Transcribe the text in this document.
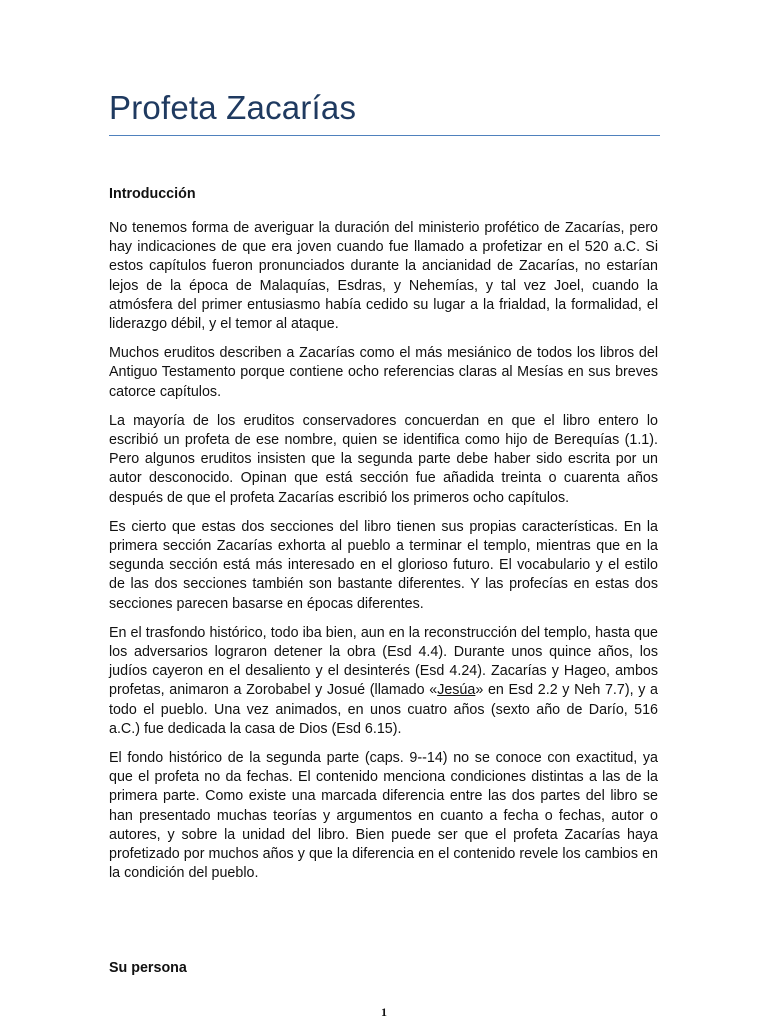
Profeta Zacarías
Introducción

No tenemos forma de averiguar la duración del ministerio profético de Zacarías, pero hay indicaciones de que era joven cuando fue llamado a profetizar en el 520 a.C. Si estos capítulos fueron pronunciados durante la ancianidad de Zacarías, no estarían lejos de la época de Malaquías, Esdras, y Nehemías, y tal vez Joel, cuando la atmósfera del primer entusiasmo había cedido su lugar a la frialdad, la formalidad, el liderazgo débil, y el temor al ataque.

Muchos eruditos describen a Zacarías como el más mesiánico de todos los libros del Antiguo Testamento porque contiene ocho referencias claras al Mesías en sus breves catorce capítulos.

La mayoría de los eruditos conservadores concuerdan en que el libro entero lo escribió un profeta de ese nombre, quien se identifica como hijo de Berequías (1.1). Pero algunos eruditos insisten que la segunda parte debe haber sido escrita por un autor desconocido. Opinan que está sección fue añadida treinta o cuarenta años después de que el profeta Zacarías escribió los primeros ocho capítulos.

Es cierto que estas dos secciones del libro tienen sus propias características. En la primera sección Zacarías exhorta al pueblo a terminar el templo, mientras que en la segunda sección está más interesado en el glorioso futuro. El vocabulario y el estilo de las dos secciones también son bastante diferentes. Y las profecías en estas dos secciones parecen basarse en épocas diferentes.

En el trasfondo histórico, todo iba bien, aun en la reconstrucción del templo, hasta que los adversarios lograron detener la obra (Esd 4.4). Durante unos quince años, los judíos cayeron en el desaliento y el desinterés (Esd 4.24). Zacarías y Hageo, ambos profetas, animaron a Zorobabel y Josué (llamado «Jesúa» en Esd 2.2 y Neh 7.7), y a todo el pueblo. Una vez animados, en unos cuatro años (sexto año de Darío, 516 a.C.) fue dedicada la casa de Dios (Esd 6.15).

El fondo histórico de la segunda parte (caps. 9--14) no se conoce con exactitud, ya que el profeta no da fechas. El contenido menciona condiciones distintas a las de la primera parte. Como existe una marcada diferencia entre las dos partes del libro se han presentado muchas teorías y argumentos en cuanto a fecha o fechas, autor o autores, y sobre la unidad del libro. Bien puede ser que el profeta Zacarías haya profetizado por muchos años y que la diferencia en el contenido revele los cambios en la condición del pueblo.

Su persona
1
